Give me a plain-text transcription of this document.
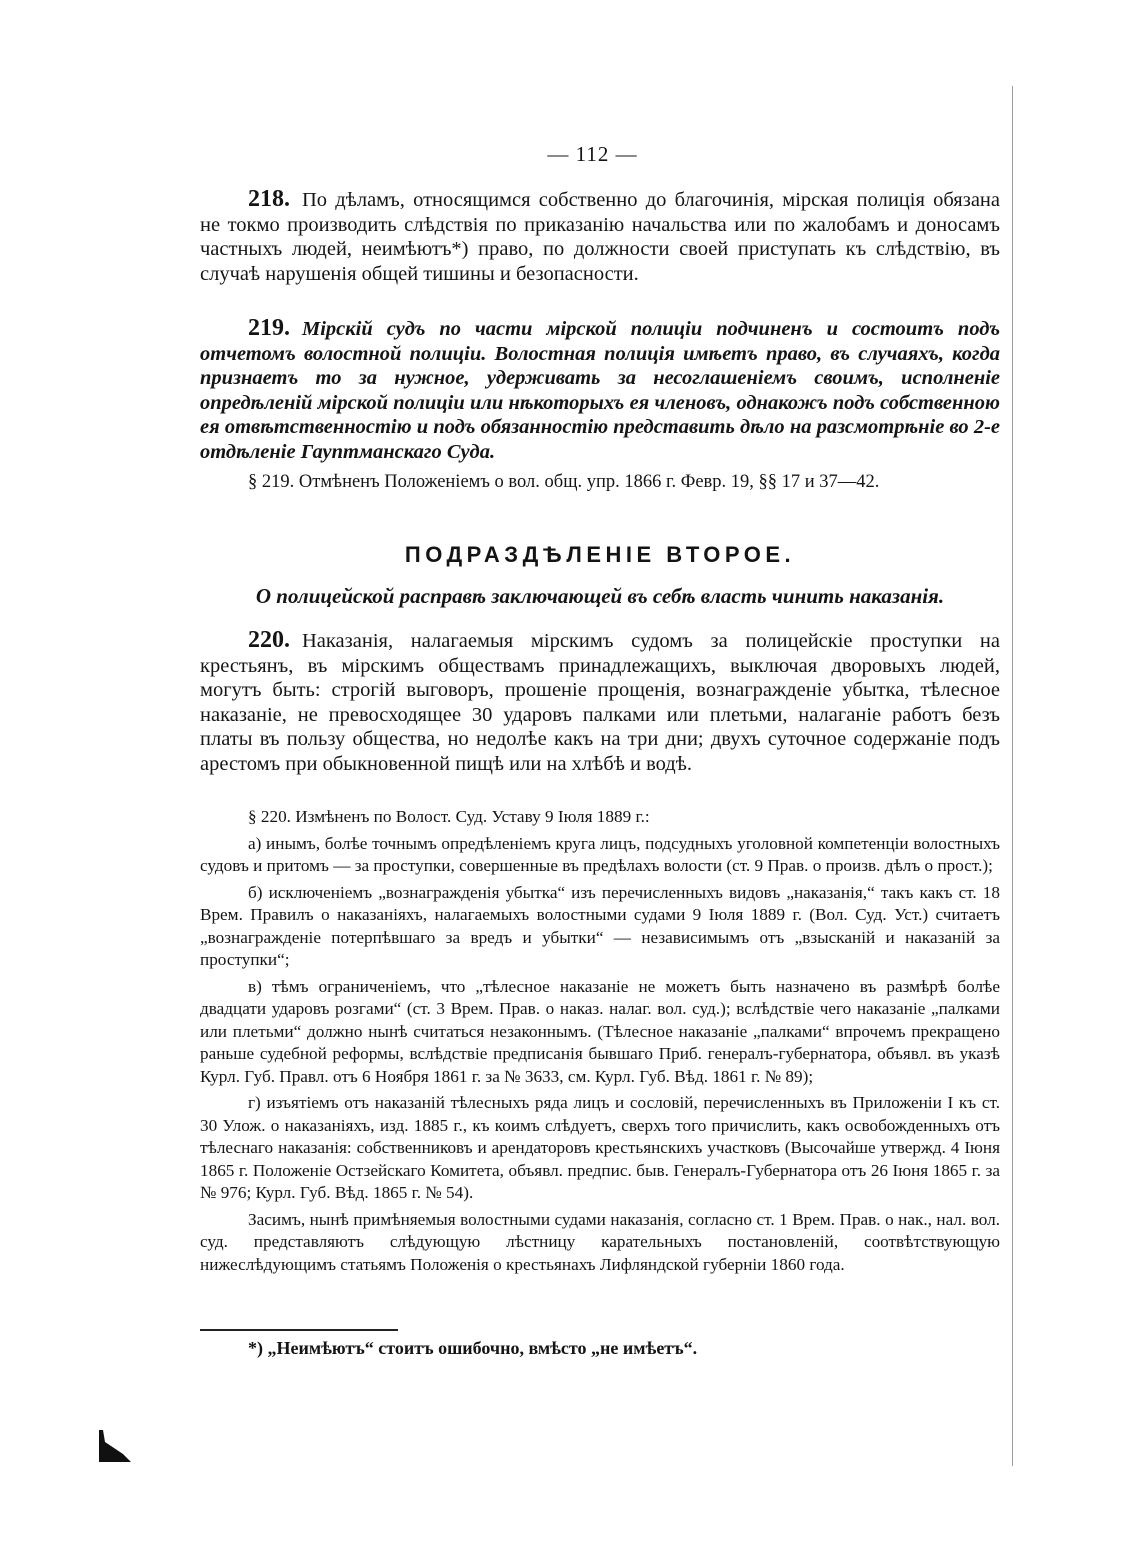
— 112 —
218. По дѣламъ, относящимся собственно до благочинія, мірская полиція обязана не токмо производить слѣдствія по приказанію начальства или по жалобамъ и доносамъ частныхъ людей, неимѣютъ*) право, по должности своей приступать къ слѣдствію, въ случаѣ нарушенія общей тишины и безопасности.
219. Мірскій судъ по части мірской полиціи подчиненъ и состоитъ подъ отчетомъ волостной полиціи. Волостная полиція имѣетъ право, въ случаяхъ, когда признаетъ то за нужное, удерживать за несоглашеніемъ своимъ, исполненіе опредѣленій мірской полиціи или нѣкоторыхъ ея членовъ, однакожъ подъ собственною ея отвѣтственностію и подъ обязанностію представить дѣло на разсмотрѣніе во 2-е отдѣленіе Гауптманскаго Суда.
§ 219. Отмѣненъ Положеніемъ о вол. общ. упр. 1866 г. Февр. 19, §§ 17 и 37—42.
ПОДРАЗДѢЛЕНІЕ ВТОРОЕ.
О полицейской расправѣ заключающей въ себѣ власть чинить наказанія.
220. Наказанія, налагаемыя мірскимъ судомъ за полицейскіе проступки на крестьянъ, въ мірскимъ обществамъ принадлежащихъ, выключая дворовыхъ людей, могутъ быть: строгій выговоръ, прошеніе прощенія, вознагражденіе убытка, тѣлесное наказаніе, не превосходящее 30 ударовъ палками или плетьми, налаганіе работъ безъ платы въ пользу общества, но недолѣе какъ на три дни; двухъ суточное содержаніе подъ арестомъ при обыкновенной пищѣ или на хлѣбѣ и водѣ.

§ 220. Измѣненъ по Волост. Суд. Уставу 9 Іюля 1889 г.:

а) инымъ, болѣе точнымъ опредѣленіемъ круга лицъ, подсудныхъ уголовной компетенціи волостныхъ судовъ и притомъ — за проступки, совершенные въ предѣлахъ волости (ст. 9 Прав. о произв. дѣлъ о прост.);

б) исключеніемъ „вознагражденія убытка“ изъ перечисленныхъ видовъ „наказанія,“ такъ какъ ст. 18 Врем. Правилъ о наказаніяхъ, налагаемыхъ волостными судами 9 Іюля 1889 г. (Вол. Суд. Уст.) считаетъ „вознагражденіе потерпѣвшаго за вредъ и убытки“ — независимымъ отъ „взысканій и наказаній за проступки“;

в) тѣмъ ограниченіемъ, что „тѣлесное наказаніе не можетъ быть назначено въ размѣрѣ болѣе двадцати ударовъ розгами“ (ст. 3 Врем. Прав. о наказ. налаг. вол. суд.); вслѣдствіе чего наказаніе „палками или плетьми“ должно нынѣ считаться незаконнымъ. (Тѣлесное наказаніе „палками“ впрочемъ прекращено раньше судебной реформы, вслѣдствіе предписанія бывшаго Приб. генералъ-губернатора, объявл. въ указѣ Курл. Губ. Правл. отъ 6 Ноября 1861 г. за № 3633, см. Курл. Губ. Вѣд. 1861 г. № 89);

г) изъятіемъ отъ наказаній тѣлесныхъ ряда лицъ и сословій, перечисленныхъ въ Приложеніи I къ ст. 30 Улож. о наказаніяхъ, изд. 1885 г., къ коимъ слѣдуетъ, сверхъ того причислить, какъ освобожденныхъ отъ тѣлеснаго наказанія: собственниковъ и арендаторовъ крестьянскихъ участковъ (Высочайше утвержд. 4 Іюня 1865 г. Положеніе Остзейскаго Комитета, объявл. предпис. быв. Генералъ-Губернатора отъ 26 Іюня 1865 г. за № 976; Курл. Губ. Вѣд. 1865 г. № 54).

Засимъ, нынѣ примѣняемыя волостными судами наказанія, согласно ст. 1 Врем. Прав. о нак., нал. вол. суд. представляютъ слѣдующую лѣстницу карательныхъ постановленій, соотвѣтствующую нижеслѣдующимъ статьямъ Положенія о крестьянахъ Лифляндской губерніи 1860 года.

*) „Неимѣютъ“ стоитъ ошибочно, вмѣсто „не имѣетъ“.
